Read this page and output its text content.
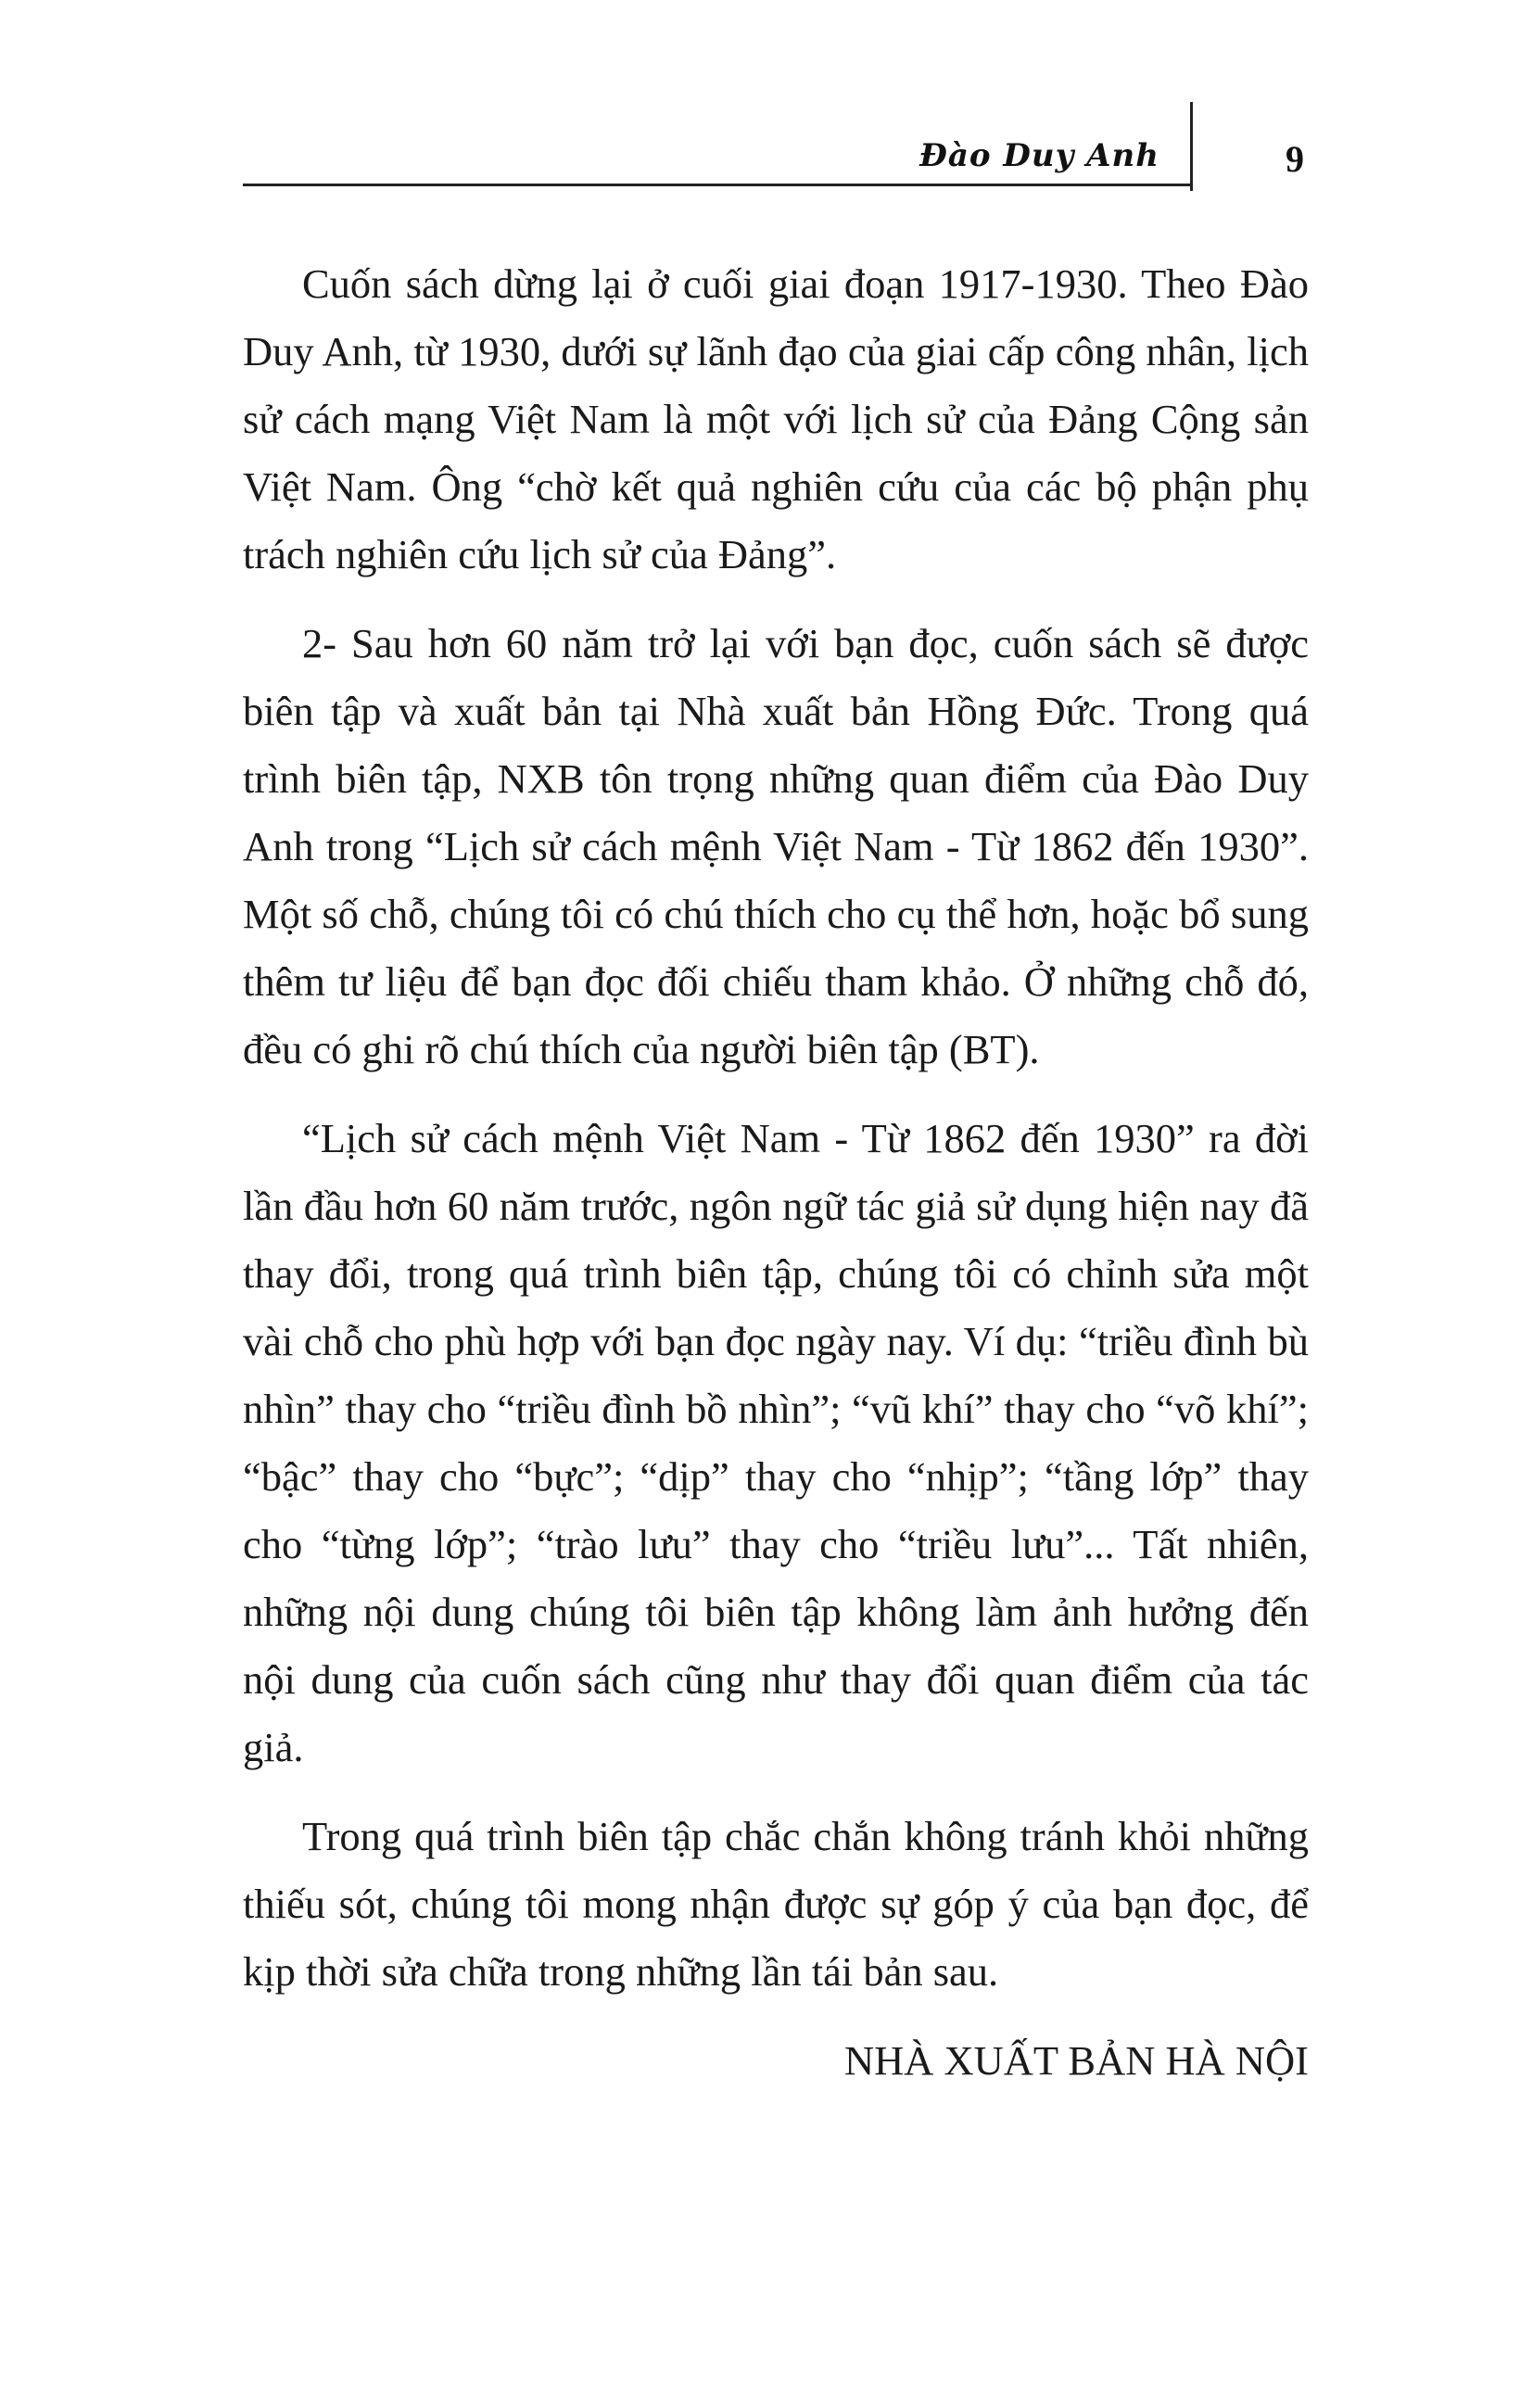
Đào Duy Anh	9

Cuốn sách dừng lại ở cuối giai đoạn 1917-1930. Theo Đào Duy Anh, từ 1930, dưới sự lãnh đạo của giai cấp công nhân, lịch sử cách mạng Việt Nam là một với lịch sử của Đảng Cộng sản Việt Nam. Ông “chờ kết quả nghiên cứu của các bộ phận phụ trách nghiên cứu lịch sử của Đảng”.

2- Sau hơn 60 năm trở lại với bạn đọc, cuốn sách sẽ được biên tập và xuất bản tại Nhà xuất bản Hồng Đức. Trong quá trình biên tập, NXB tôn trọng những quan điểm của Đào Duy Anh trong “Lịch sử cách mệnh Việt Nam - Từ 1862 đến 1930”. Một số chỗ, chúng tôi có chú thích cho cụ thể hơn, hoặc bổ sung thêm tư liệu để bạn đọc đối chiếu tham khảo. Ở những chỗ đó, đều có ghi rõ chú thích của người biên tập (BT).

“Lịch sử cách mệnh Việt Nam - Từ 1862 đến 1930” ra đời lần đầu hơn 60 năm trước, ngôn ngữ tác giả sử dụng hiện nay đã thay đổi, trong quá trình biên tập, chúng tôi có chỉnh sửa một vài chỗ cho phù hợp với bạn đọc ngày nay. Ví dụ: “triều đình bù nhìn” thay cho “triều đình bồ nhìn”; “vũ khí” thay cho “võ khí”; “bậc” thay cho “bực”; “dịp” thay cho “nhịp”; “tầng lớp” thay cho “từng lớp”; “trào lưu” thay cho “triều lưu”... Tất nhiên, những nội dung chúng tôi biên tập không làm ảnh hưởng đến nội dung của cuốn sách cũng như thay đổi quan điểm của tác giả.

Trong quá trình biên tập chắc chắn không tránh khỏi những thiếu sót, chúng tôi mong nhận được sự góp ý của bạn đọc, để kịp thời sửa chữa trong những lần tái bản sau.

NHÀ XUẤT BẢN HÀ NỘI
